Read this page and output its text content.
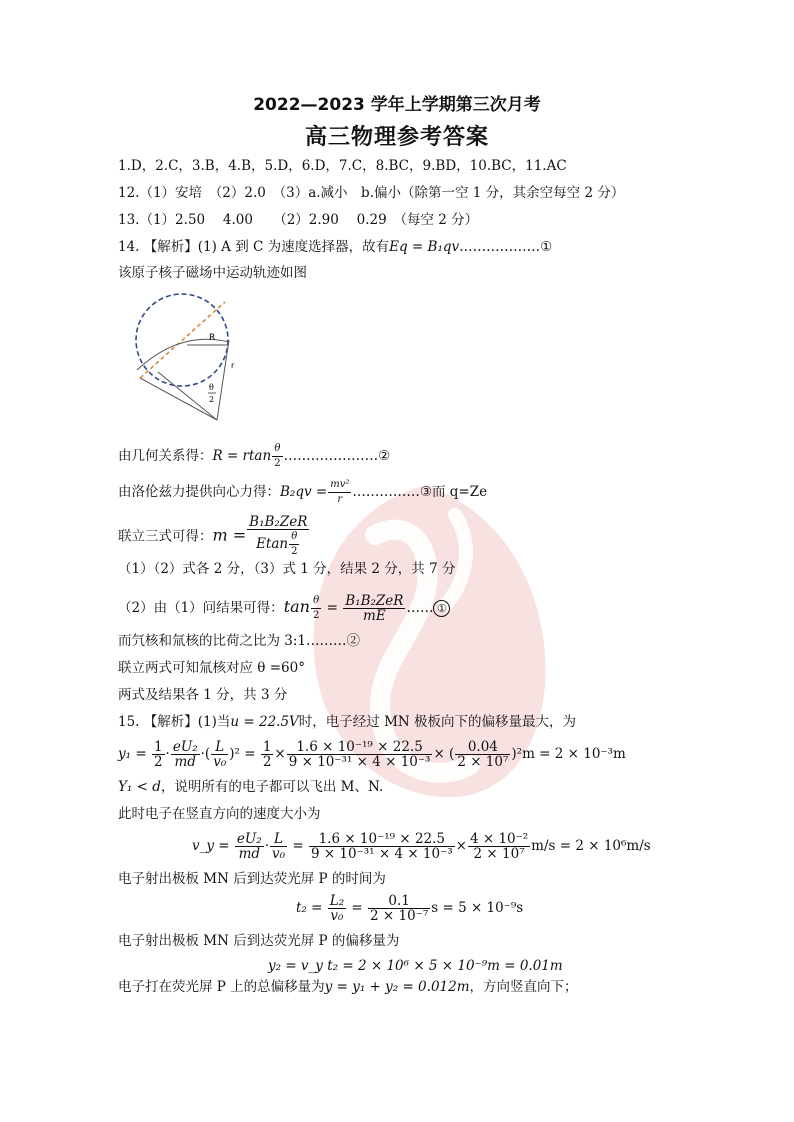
2022—2023 学年上学期第三次月考
高三物理参考答案
1.D，2.C，3.B，4.B，5.D，6.D，7.C，8.BC，9.BD，10.BC，11.AC
12.（1）安培　（2）2.0　（3）a.减小　b.偏小（除第一空 1 分，其余空每空 2 分）
13.（1）2.50　 4.00　　（2）2.90　 0.29　（每空 2 分）
14. 【解析】(1) A 到 C 为速度选择器，故有Eq = B₁qv………………①
该原子核子磁场中运动轨迹如图
R
r
θ
2
由几何关系得：R = rtan $\frac{\theta}{2}$ …………………②
由洛伦兹力提供向心力得：$B_2qv = \frac{\text{mv²}}{r}$ ……………③而 q=Ze
联立三式可得：$m = \frac{\text{B₁B₂ZeR}}{Etan \frac{\theta}{2}}$
（1）（2）式各 2 分，（3）式 1 分，结果 2 分，共 7 分
（2）由（1）问结果可得：$\tan \frac{\theta}{2} = \frac{\text{B₁B₂ZeR}}{mE}$ …… ①
而氕核和氚核的比荷之比为 3:1………②
联立两式可知氚核对应 θ =60°
两式及结果各 1 分，共 3 分
15. 【解析】(1)当u = 22.5V时，电子经过 MN 极板向下的偏移量最大，为
$y_1 = \frac{1}{2} \cdot \frac{\text{eU₂}}{md}$ ·( $\frac{L}{\text{v₀}} )^2 = \frac{1}{2} \times \frac{\text{1.6 × 10⁻¹⁹ × 22.5}}{\text{9 × 10⁻³¹ × 4 × 10⁻³}}$ × ( $\frac{0.04}{\text{2 × 10⁷}} )^2m = 2 \times 10^{-3}m$
Y₁ < d，说明所有的电子都可以飞出 M、N.
此时电子在竖直方向的速度大小为
v_y = $\frac{\text{eU₂}}{md} \cdot \frac{L}{\text{v₀}} = \frac{\text{1.6 × 10⁻¹⁹ × 22.5}}{\text{9 × 10⁻³¹ × 4 × 10⁻³}} \times \frac{\text{4 × 10⁻²}}{\text{2 × 10⁷}} m/s = 2 \times 10^6m/s$
电子射出极板 MN 后到达荧光屏 P 的时间为
$t_2 = \frac{\text{L₂}}{\text{v₀}} = \frac{0.1}{\text{2 × 10⁻⁷}}$ s = 5 × 10⁻⁹s
电子射出极板 MN 后到达荧光屏 P 的偏移量为
y₂ = v_y t₂ = 2 × 10⁶ × 5 × 10⁻⁹m = 0.01m
电子打在荧光屏 P 上的总偏移量为y = y₁ + y₂ = 0.012m，方向竖直向下；
